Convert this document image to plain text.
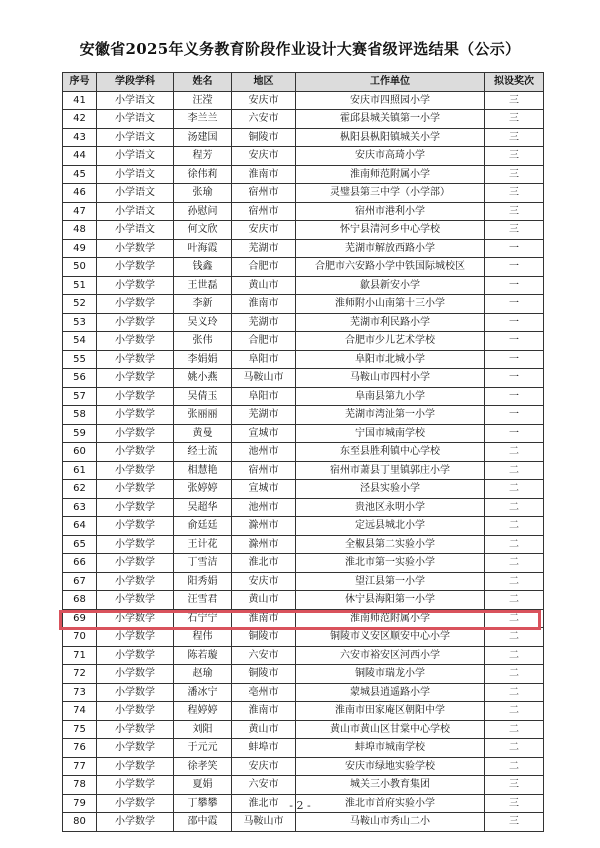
安徽省2025年义务教育阶段作业设计大赛省级评选结果（公示）
序号	学段学科	姓名	地区	工作单位	拟设奖次
41	小学语文	汪滢	安庆市	安庆市四照园小学	三
42	小学语文	李兰兰	六安市	霍邱县城关镇第一小学	三
43	小学语文	汤建国	铜陵市	枞阳县枞阳镇城关小学	三
44	小学语文	程芳	安庆市	安庆市高琦小学	三
45	小学语文	徐伟莉	淮南市	淮南师范附属小学	三
46	小学语文	张瑜	宿州市	灵璧县第三中学（小学部）	三
47	小学语文	孙慰问	宿州市	宿州市港利小学	三
48	小学语文	何文欣	安庆市	怀宁县清河乡中心学校	三
49	小学数学	叶海霞	芜湖市	芜湖市解放西路小学	一
50	小学数学	钱鑫	合肥市	合肥市六安路小学中铁国际城校区	一
51	小学数学	王世磊	黄山市	歙县新安小学	一
52	小学数学	李新	淮南市	淮师附小山南第十三小学	一
53	小学数学	吴义玲	芜湖市	芜湖市利民路小学	一
54	小学数学	张伟	合肥市	合肥市少儿艺术学校	一
55	小学数学	李娟娟	阜阳市	阜阳市北城小学	一
56	小学数学	姚小燕	马鞍山市	马鞍山市四村小学	一
57	小学数学	吴倩玉	阜阳市	阜南县第九小学	一
58	小学数学	张丽丽	芜湖市	芜湖市湾沚第一小学	一
59	小学数学	黄曼	宣城市	宁国市城南学校	一
60	小学数学	经士流	池州市	东至县胜利镇中心学校	二
61	小学数学	相慧艳	宿州市	宿州市萧县丁里镇郭庄小学	二
62	小学数学	张婷婷	宣城市	泾县实验小学	二
63	小学数学	吴超华	池州市	贵池区永明小学	二
64	小学数学	俞廷廷	滁州市	定远县城北小学	二
65	小学数学	王计花	滁州市	全椒县第二实验小学	二
66	小学数学	丁雪洁	淮北市	淮北市第一实验小学	二
67	小学数学	阳秀娟	安庆市	望江县第一小学	二
68	小学数学	汪雪君	黄山市	休宁县海阳第一小学	二
69	小学数学	石宁宁	淮南市	淮南师范附属小学	二
70	小学数学	程伟	铜陵市	铜陵市义安区顺安中心小学	二
71	小学数学	陈若璇	六安市	六安市裕安区河西小学	二
72	小学数学	赵瑜	铜陵市	铜陵市瑞龙小学	二
73	小学数学	潘冰宁	亳州市	蒙城县逍遥路小学	二
74	小学数学	程婷婷	淮南市	淮南市田家庵区朝阳中学	二
75	小学数学	刘阳	黄山市	黄山市黄山区甘棠中心学校	二
76	小学数学	于元元	蚌埠市	蚌埠市城南学校	二
77	小学数学	徐孝笑	安庆市	安庆市绿地实验学校	二
78	小学数学	夏娟	六安市	城关三小教育集团	三
79	小学数学	丁攀攀	淮北市	淮北市首府实验小学	三
80	小学数学	邵中霞	马鞍山市	马鞍山市秀山二小	三
- 2 -
